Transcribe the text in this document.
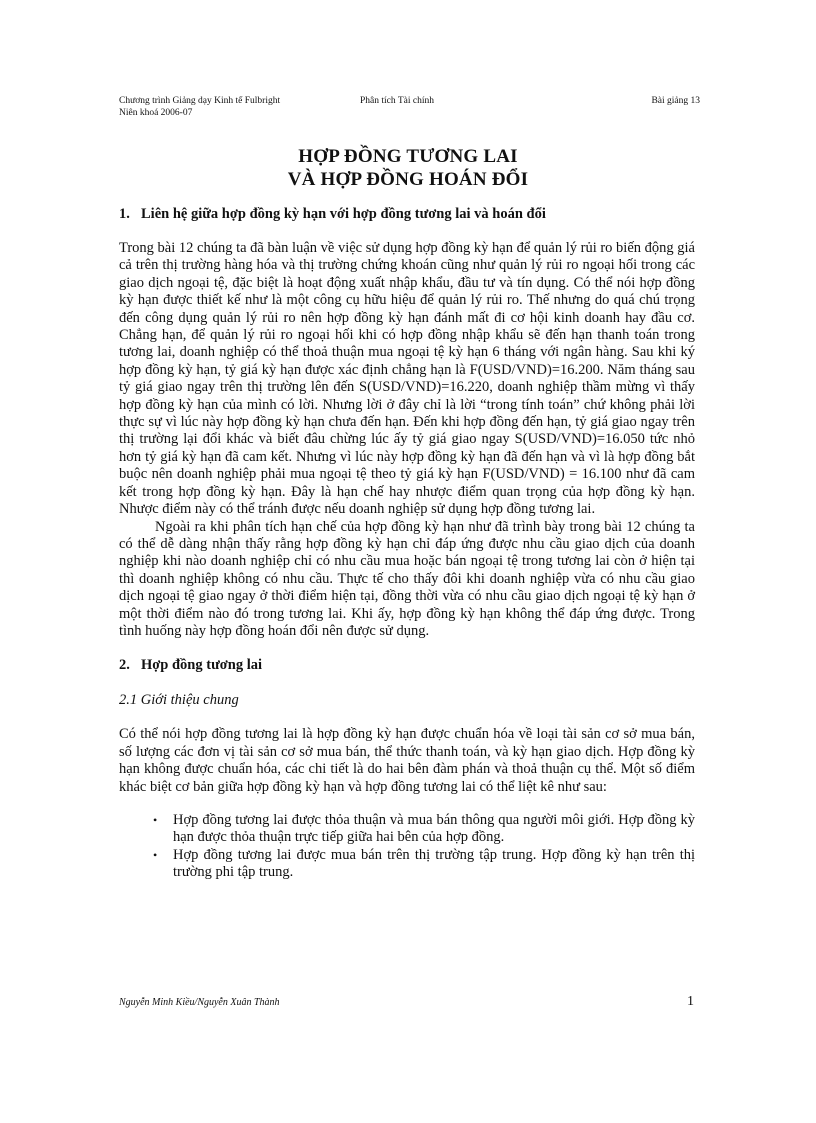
Chương trình Giảng dạy Kinh tế Fulbright
Niên khoá 2006-07
Phân tích Tài chính	Bài giảng 13
HỢP ĐỒNG TƯƠNG LAI
VÀ HỢP ĐỒNG HOÁN ĐỔI
1. Liên hệ giữa hợp đồng kỳ hạn với hợp đồng tương lai và hoán đổi

Trong bài 12 chúng ta đã bàn luận về việc sử dụng hợp đồng kỳ hạn để quản lý rủi ro biến động giá cả trên thị trường hàng hóa và thị trường chứng khoán cũng như quản lý rủi ro ngoại hối trong các giao dịch ngoại tệ, đặc biệt là hoạt động xuất nhập khẩu, đầu tư và tín dụng. Có thể nói hợp đồng kỳ hạn được thiết kế như là một công cụ hữu hiệu để quản lý rủi ro. Thế nhưng do quá chú trọng đến công dụng quản lý rủi ro nên hợp đồng kỳ hạn đánh mất đi cơ hội kinh doanh hay đầu cơ. Chẳng hạn, để quản lý rủi ro ngoại hối khi có hợp đồng nhập khẩu sẽ đến hạn thanh toán trong tương lai, doanh nghiệp có thể thoả thuận mua ngoại tệ kỳ hạn 6 tháng với ngân hàng. Sau khi ký hợp đồng kỳ hạn, tỷ giá kỳ hạn được xác định chẳng hạn là F(USD/VND)=16.200. Năm tháng sau tỷ giá giao ngay trên thị trường lên đến S(USD/VND)=16.220, doanh nghiệp thầm mừng vì thấy hợp đồng kỳ hạn của mình có lời. Nhưng lời ở đây chỉ là lời “trong tính toán” chứ không phải lời thực sự vì lúc này hợp đồng kỳ hạn chưa đến hạn. Đến khi hợp đồng đến hạn, tỷ giá giao ngay trên thị trường lại đổi khác và biết đâu chừng lúc ấy tỷ giá giao ngay S(USD/VND)=16.050 tức nhỏ hơn tỷ giá kỳ hạn đã cam kết. Nhưng vì lúc này hợp đồng kỳ hạn đã đến hạn và vì là hợp đồng bắt buộc nên doanh nghiệp phải mua ngoại tệ theo tỷ giá kỳ hạn F(USD/VND) = 16.100 như đã cam kết trong hợp đồng kỳ hạn. Đây là hạn chế hay nhược điểm quan trọng của hợp đồng kỳ hạn. Nhược điểm này có thể tránh được nếu doanh nghiệp sử dụng hợp đồng tương lai.

Ngoài ra khi phân tích hạn chế của hợp đồng kỳ hạn như đã trình bày trong bài 12 chúng ta có thể dễ dàng nhận thấy rằng hợp đồng kỳ hạn chỉ đáp ứng được nhu cầu giao dịch của doanh nghiệp khi nào doanh nghiệp chỉ có nhu cầu mua hoặc bán ngoại tệ trong tương lai còn ở hiện tại thì doanh nghiệp không có nhu cầu. Thực tế cho thấy đôi khi doanh nghiệp vừa có nhu cầu giao dịch ngoại tệ giao ngay ở thời điểm hiện tại, đồng thời vừa có nhu cầu giao dịch ngoại tệ kỳ hạn ở một thời điểm nào đó trong tương lai. Khi ấy, hợp đồng kỳ hạn không thể đáp ứng được. Trong tình huống này hợp đồng hoán đổi nên được sử dụng.

2. Hợp đồng tương lai
2.1 Giới thiệu chung

Có thể nói hợp đồng tương lai là hợp đồng kỳ hạn được chuẩn hóa về loại tài sản cơ sở mua bán, số lượng các đơn vị tài sản cơ sở mua bán, thể thức thanh toán, và kỳ hạn giao dịch. Hợp đồng kỳ hạn không được chuẩn hóa, các chi tiết là do hai bên đàm phán và thoả thuận cụ thể. Một số điểm khác biệt cơ bản giữa hợp đồng kỳ hạn và hợp đồng tương lai có thể liệt kê như sau:

• Hợp đồng tương lai được thỏa thuận và mua bán thông qua người môi giới. Hợp đồng kỳ hạn được thỏa thuận trực tiếp giữa hai bên của hợp đồng.
• Hợp đồng tương lai được mua bán trên thị trường tập trung. Hợp đồng kỳ hạn trên thị trường phi tập trung.
Nguyễn Minh Kiều/Nguyễn Xuân Thành	1
